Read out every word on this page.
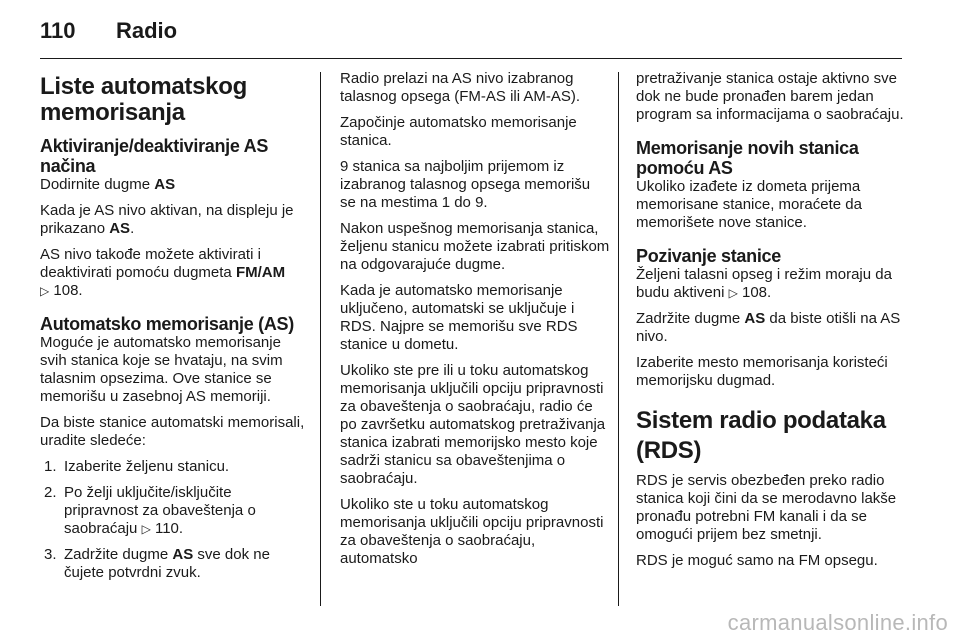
110 Radio
Liste automatskog memorisanja
Aktiviranje/deaktiviranje AS načina

Dodirnite dugme AS

Kada je AS nivo aktivan, na displeju je prikazano AS.

AS nivo takođe možete aktivirati i deaktivirati pomoću dugmeta FM/AM
▷ 108.

Automatsko memorisanje (AS)

Moguće je automatsko memorisanje svih stanica koje se hvataju, na svim talasnim opsezima. Ove stanice se memorišu u zasebnoj AS memoriji.

Da biste stanice automatski memorisali, uradite sledeće:

1. Izaberite željenu stanicu.
2. Po želji uključite/isključite pripravnost za obaveštenja o saobraćaju ▷ 110.
3. Zadržite dugme AS sve dok ne čujete potvrdni zvuk.

Radio prelazi na AS nivo izabranog talasnog opsega (FM-AS ili AM-AS).

Započinje automatsko memorisanje stanica.

9 stanica sa najboljim prijemom iz izabranog talasnog opsega memorišu se na mestima 1 do 9.

Nakon uspešnog memorisanja stanica, željenu stanicu možete izabrati pritiskom na odgovarajuće dugme.

Kada je automatsko memorisanje uključeno, automatski se uključuje i RDS. Najpre se memorišu sve RDS stanice u dometu.

Ukoliko ste pre ili u toku automatskog memorisanja uključili opciju pripravnosti za obaveštenja o saobraćaju, radio će po završetku automatskog pretraživanja stanica izabrati memorijsko mesto koje sadrži stanicu sa obaveštenjima o saobraćaju.

Ukoliko ste u toku automatskog memorisanja uključili opciju pripravnosti za obaveštenja o saobraćaju, automatsko

pretraživanje stanica ostaje aktivno sve dok ne bude pronađen barem jedan program sa informacijama o saobraćaju.

Memorisanje novih stanica pomoću AS

Ukoliko izađete iz dometa prijema memorisane stanice, moraćete da memorišete nove stanice.

Pozivanje stanice

Željeni talasni opseg i režim moraju da budu aktiveni ▷ 108.

Zadržite dugme AS da biste otišli na AS nivo.

Izaberite mesto memorisanja koristeći memorijsku dugmad.

Sistem radio podataka (RDS)

RDS je servis obezbeđen preko radio stanica koji čini da se merodavno lakše pronađu potrebni FM kanali i da se omogući prijem bez smetnji.

RDS je moguć samo na FM opsegu.

carmanualsonline.info
